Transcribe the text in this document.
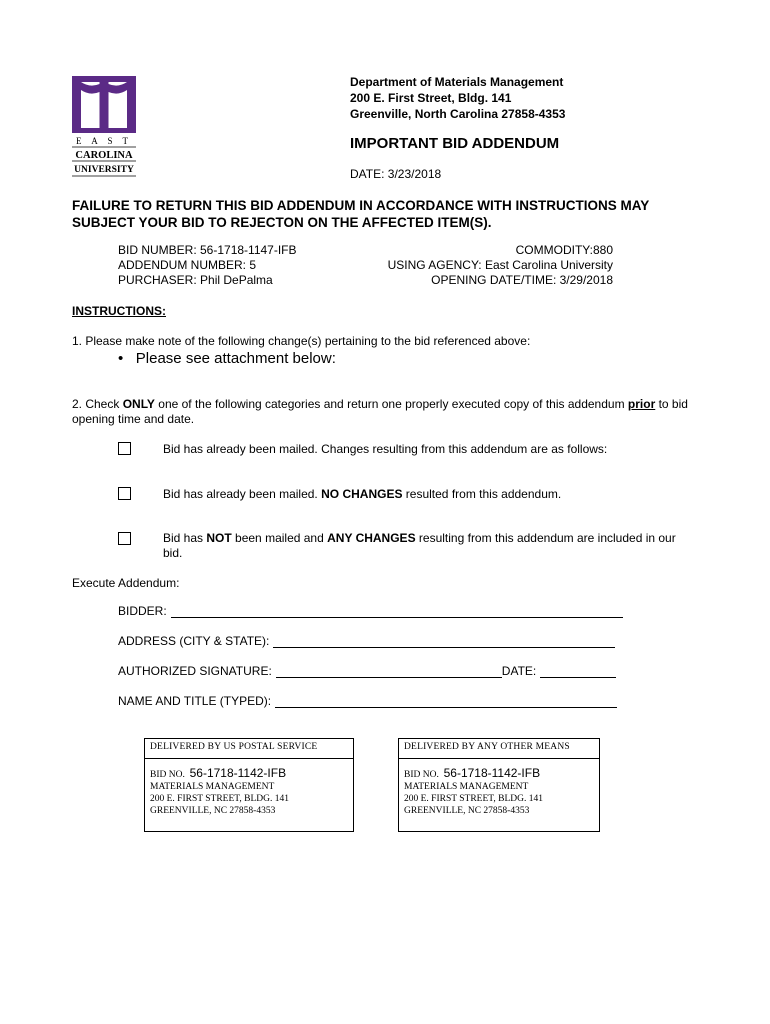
E A S T
CAROLINA
UNIVERSITY
Department of Materials Management
200 E. First Street, Bldg. 141
Greenville, North Carolina 27858-4353
IMPORTANT BID ADDENDUM
DATE: 3/23/2018
FAILURE TO RETURN THIS BID ADDENDUM IN ACCORDANCE WITH INSTRUCTIONS MAY SUBJECT YOUR BID TO REJECTON ON THE AFFECTED ITEM(S).
BID NUMBER: 56-1718-1147-IFB
ADDENDUM NUMBER: 5
PURCHASER: Phil DePalma
COMMODITY:880
USING AGENCY: East Carolina University
OPENING DATE/TIME: 3/29/2018
INSTRUCTIONS:
1. Please make note of the following change(s) pertaining to the bid referenced above:
• Please see attachment below:
2. Check ONLY one of the following categories and return one properly executed copy of this addendum prior to bid opening time and date.
Bid has already been mailed. Changes resulting from this addendum are as follows:
Bid has already been mailed. NO CHANGES resulted from this addendum.
Bid has NOT been mailed and ANY CHANGES resulting from this addendum are included in our bid.
Execute Addendum:
BIDDER:
ADDRESS (CITY & STATE):
AUTHORIZED SIGNATURE:	DATE:
NAME AND TITLE (TYPED):
DELIVERED BY US POSTAL SERVICE
BID NO. 56-1718-1142-IFB
MATERIALS MANAGEMENT
200 E. FIRST STREET, BLDG. 141
GREENVILLE, NC 27858-4353
DELIVERED BY ANY OTHER MEANS
BID NO. 56-1718-1142-IFB
MATERIALS MANAGEMENT
200 E. FIRST STREET, BLDG. 141
GREENVILLE, NC 27858-4353
